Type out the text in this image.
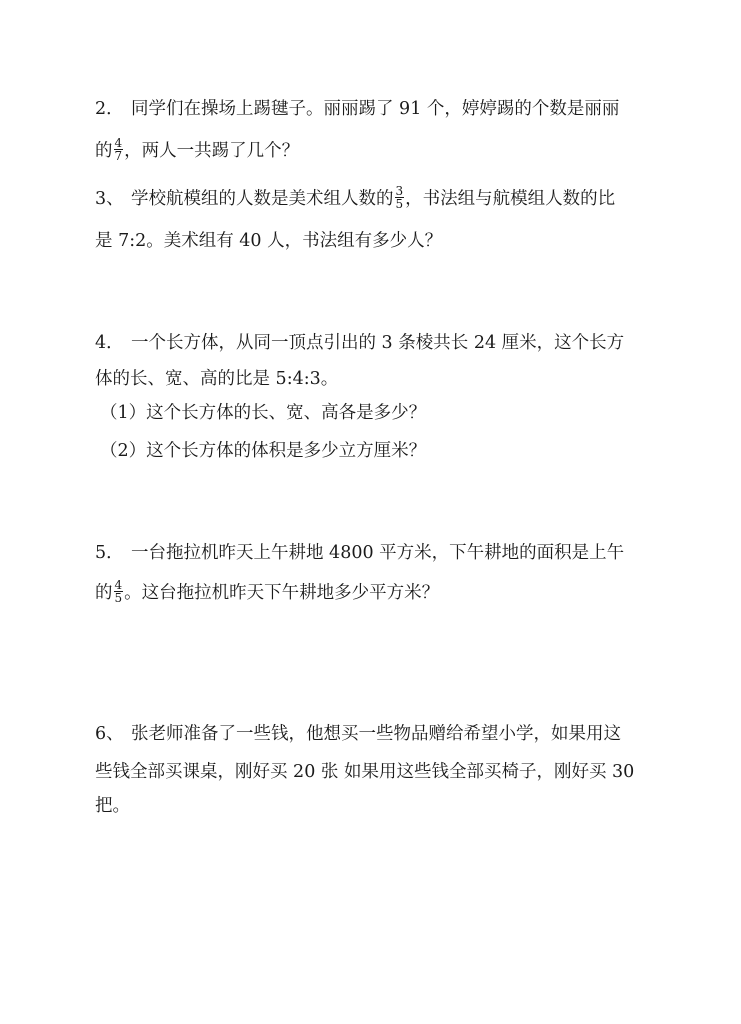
2． 同学们在操场上踢毽子。丽丽踢了 91 个，婷婷踢的个数是丽丽
的 $\frac{4}{7}$ ，两人一共踢了几个？
3、 学校航模组的人数是美术组人数的 $\frac{3}{5}$ ，书法组与航模组人数的比
是 7:2。美术组有 40 人，书法组有多少人？
4． 一个长方体，从同一顶点引出的 3 条棱共长 24 厘米，这个长方
体的长、宽、高的比是 5:4:3。
（1）这个长方体的长、宽、高各是多少？
（2）这个长方体的体积是多少立方厘米？
5． 一台拖拉机昨天上午耕地 4800 平方米，下午耕地的面积是上午
的 $\frac{4}{5}$ 。这台拖拉机昨天下午耕地多少平方米？
6、 张老师准备了一些钱，他想买一些物品赠给希望小学，如果用这
些钱全部买课桌，刚好买 20 张 如果用这些钱全部买椅子，刚好买 30
把。
